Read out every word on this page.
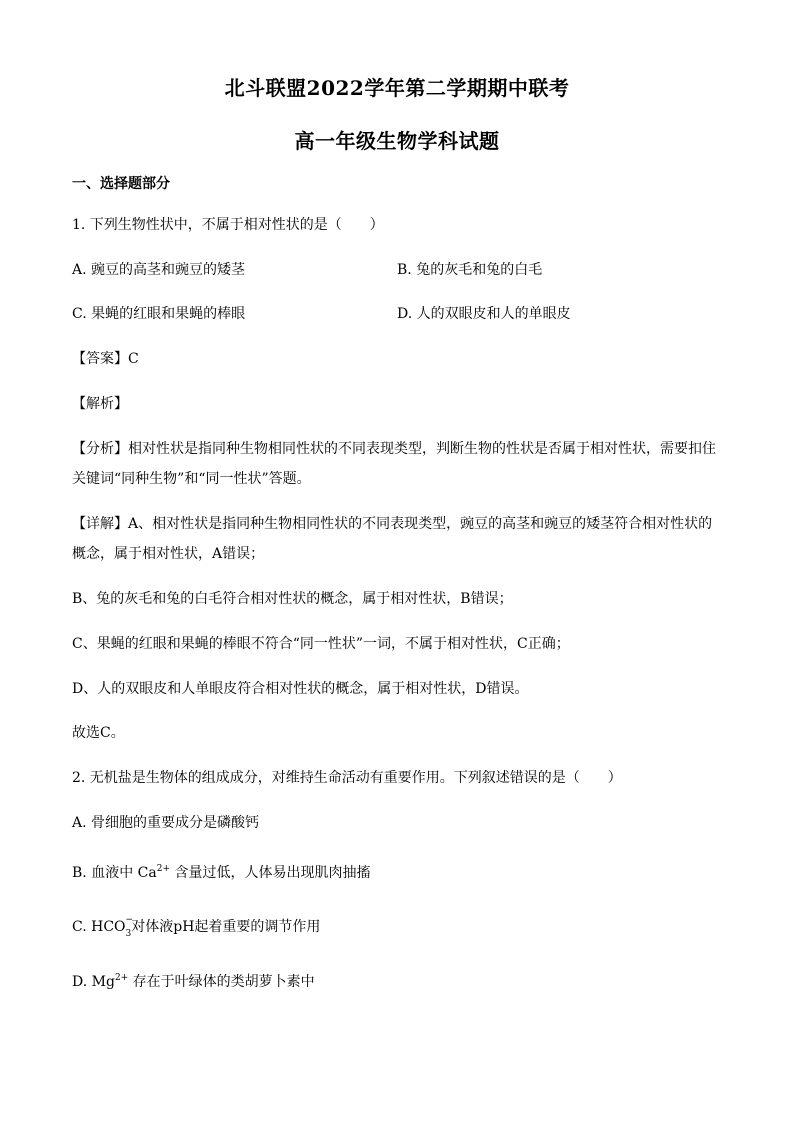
北斗联盟2022学年第二学期期中联考
高一年级生物学科试题
一、选择题部分
1. 下列生物性状中，不属于相对性状的是（　　）
A. 豌豆的高茎和豌豆的矮茎	B. 兔的灰毛和兔的白毛
C. 果蝇的红眼和果蝇的棒眼	D. 人的双眼皮和人的单眼皮
【答案】C
【解析】
【分析】相对性状是指同种生物相同性状的不同表现类型，判断生物的性状是否属于相对性状，需要扣住
关键词“同种生物”和“同一性状”答题。
【详解】A、相对性状是指同种生物相同性状的不同表现类型，豌豆的高茎和豌豆的矮茎符合相对性状的
概念，属于相对性状，A错误；
B、兔的灰毛和兔的白毛符合相对性状的概念，属于相对性状，B错误；
C、果蝇的红眼和果蝇的棒眼不符合“同一性状”一词，不属于相对性状，C正确；
D、人的双眼皮和人单眼皮符合相对性状的概念，属于相对性状，D错误。
故选C。
2. 无机盐是生物体的组成成分，对维持生命活动有重要作用。下列叙述错误的是（　　）
A. 骨细胞的重要成分是磷酸钙
B. 血液中 $Ca^{2+}$ 含量过低，人体易出现肌肉抽搐
C. HCO −
3 对体液pH起着重要的调节作用
D. $Mg^{2+}$ 存在于叶绿体的类胡萝卜素中
